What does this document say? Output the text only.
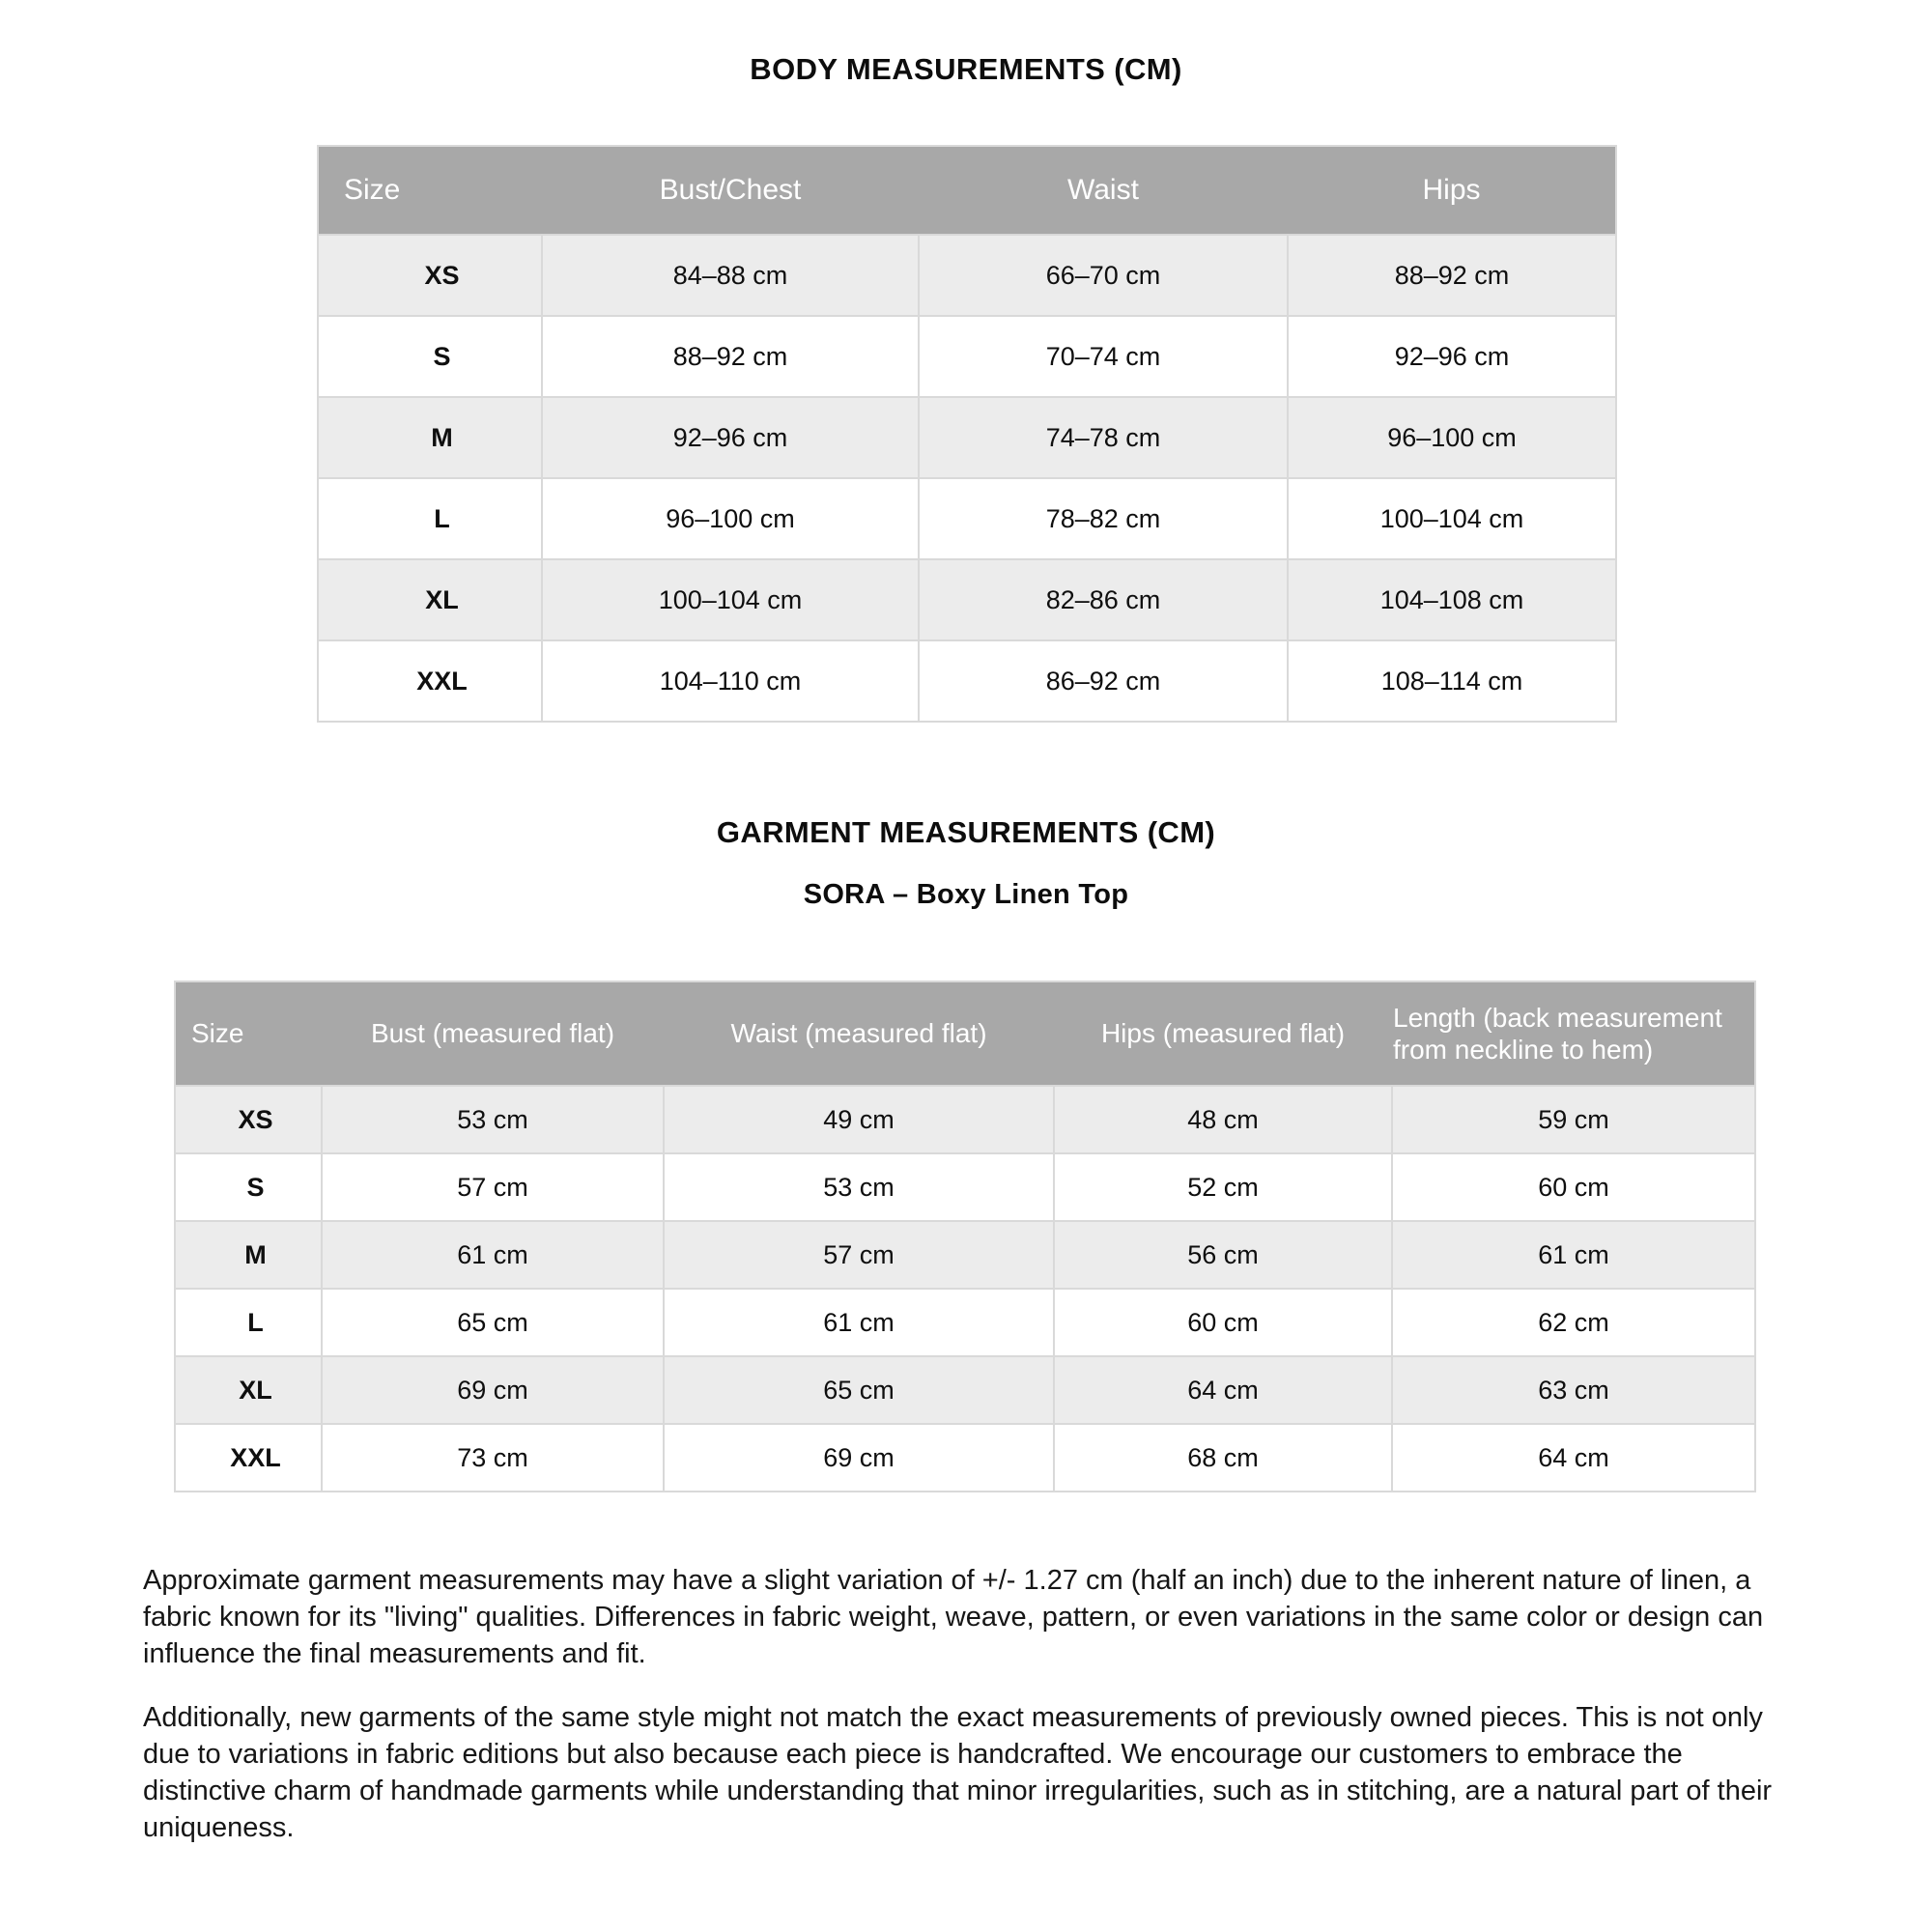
BODY MEASUREMENTS (CM)
Size	Bust/Chest	Waist	Hips
XS	84–88 cm	66–70 cm	88–92 cm
S	88–92 cm	70–74 cm	92–96 cm
M	92–96 cm	74–78 cm	96–100 cm
L	96–100 cm	78–82 cm	100–104 cm
XL	100–104 cm	82–86 cm	104–108 cm
XXL	104–110 cm	86–92 cm	108–114 cm
GARMENT MEASUREMENTS (CM)
SORA – Boxy Linen Top
Size	Bust (measured flat)	Waist (measured flat)	Hips (measured flat)	Length (back measurement from neckline to hem)
XS	53 cm	49 cm	48 cm	59 cm
S	57 cm	53 cm	52 cm	60 cm
M	61 cm	57 cm	56 cm	61 cm
L	65 cm	61 cm	60 cm	62 cm
XL	69 cm	65 cm	64 cm	63 cm
XXL	73 cm	69 cm	68 cm	64 cm

Approximate garment measurements may have a slight variation of +/- 1.27 cm (half an inch) due to the inherent nature of linen, a fabric known for its "living" qualities. Differences in fabric weight, weave, pattern, or even variations in the same color or design can influence the final measurements and fit.

Additionally, new garments of the same style might not match the exact measurements of previously owned pieces. This is not only due to variations in fabric editions but also because each piece is handcrafted. We encourage our customers to embrace the distinctive charm of handmade garments while understanding that minor irregularities, such as in stitching, are a natural part of their uniqueness.
